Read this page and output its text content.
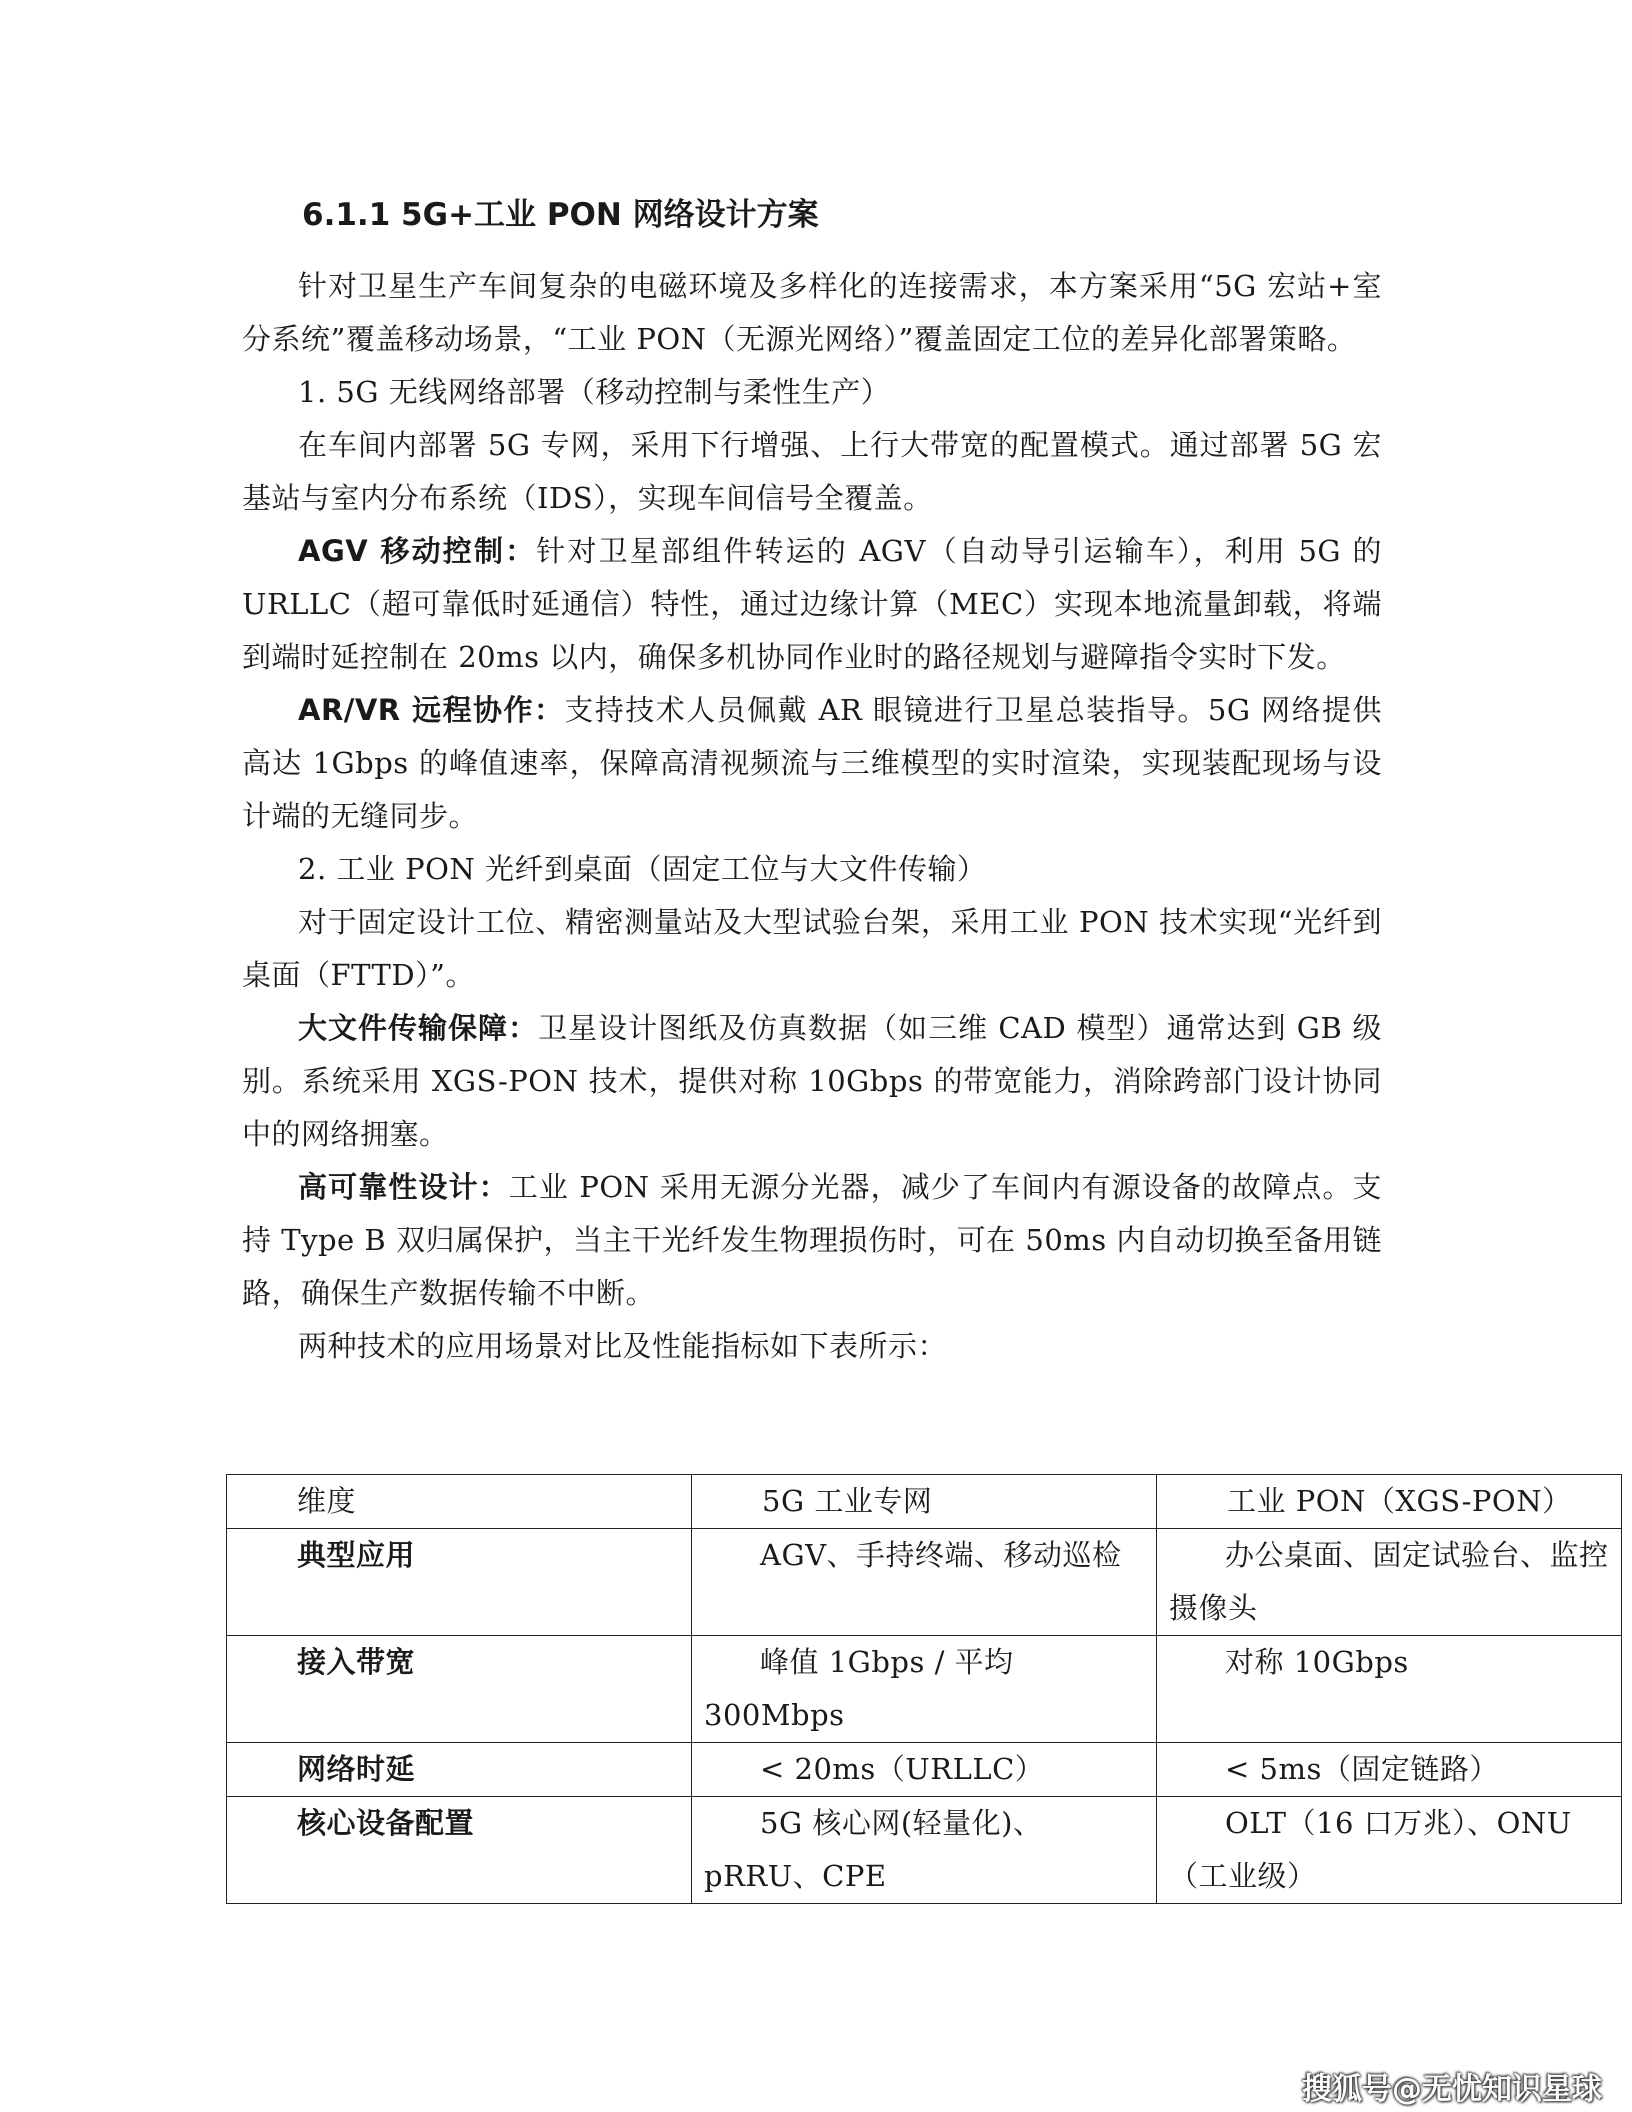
6.1.1 5G+工业 PON 网络设计方案

针对卫星生产车间复杂的电磁环境及多样化的连接需求，本方案采用“5G 宏站+室分系统”覆盖移动场景，“工业 PON（无源光网络）”覆盖固定工位的差异化部署策略。

1. 5G 无线网络部署（移动控制与柔性生产）

在车间内部署 5G 专网，采用下行增强、上行大带宽的配置模式。通过部署 5G 宏基站与室内分布系统（IDS），实现车间信号全覆盖。

AGV 移动控制：针对卫星部组件转运的 AGV（自动导引运输车），利用 5G 的 URLLC（超可靠低时延通信）特性，通过边缘计算（MEC）实现本地流量卸载，将端到端时延控制在 20ms 以内，确保多机协同作业时的路径规划与避障指令实时下发。

AR/VR 远程协作：支持技术人员佩戴 AR 眼镜进行卫星总装指导。5G 网络提供高达 1Gbps 的峰值速率，保障高清视频流与三维模型的实时渲染，实现装配现场与设计端的无缝同步。

2. 工业 PON 光纤到桌面（固定工位与大文件传输）

对于固定设计工位、精密测量站及大型试验台架，采用工业 PON 技术实现“光纤到桌面（FTTD）”。

大文件传输保障：卫星设计图纸及仿真数据（如三维 CAD 模型）通常达到 GB 级别。系统采用 XGS-PON 技术，提供对称 10Gbps 的带宽能力，消除跨部门设计协同中的网络拥塞。

高可靠性设计：工业 PON 采用无源分光器，减少了车间内有源设备的故障点。支持 Type B 双归属保护，当主干光纤发生物理损伤时，可在 50ms 内自动切换至备用链路，确保生产数据传输不中断。

两种技术的应用场景对比及性能指标如下表所示：

维度	5G 工业专网	工业 PON（XGS-PON）
典型应用	AGV、手持终端、移动巡检	办公桌面、固定试验台、监控摄像头
接入带宽	峰值 1Gbps / 平均 300Mbps	对称 10Gbps
网络时延	< 20ms（URLLC）	< 5ms（固定链路）
核心设备配置	5G 核心网(轻量化)、pRRU、CPE	OLT（16 口万兆）、ONU（工业级）
搜狐号@无忧知识星球
